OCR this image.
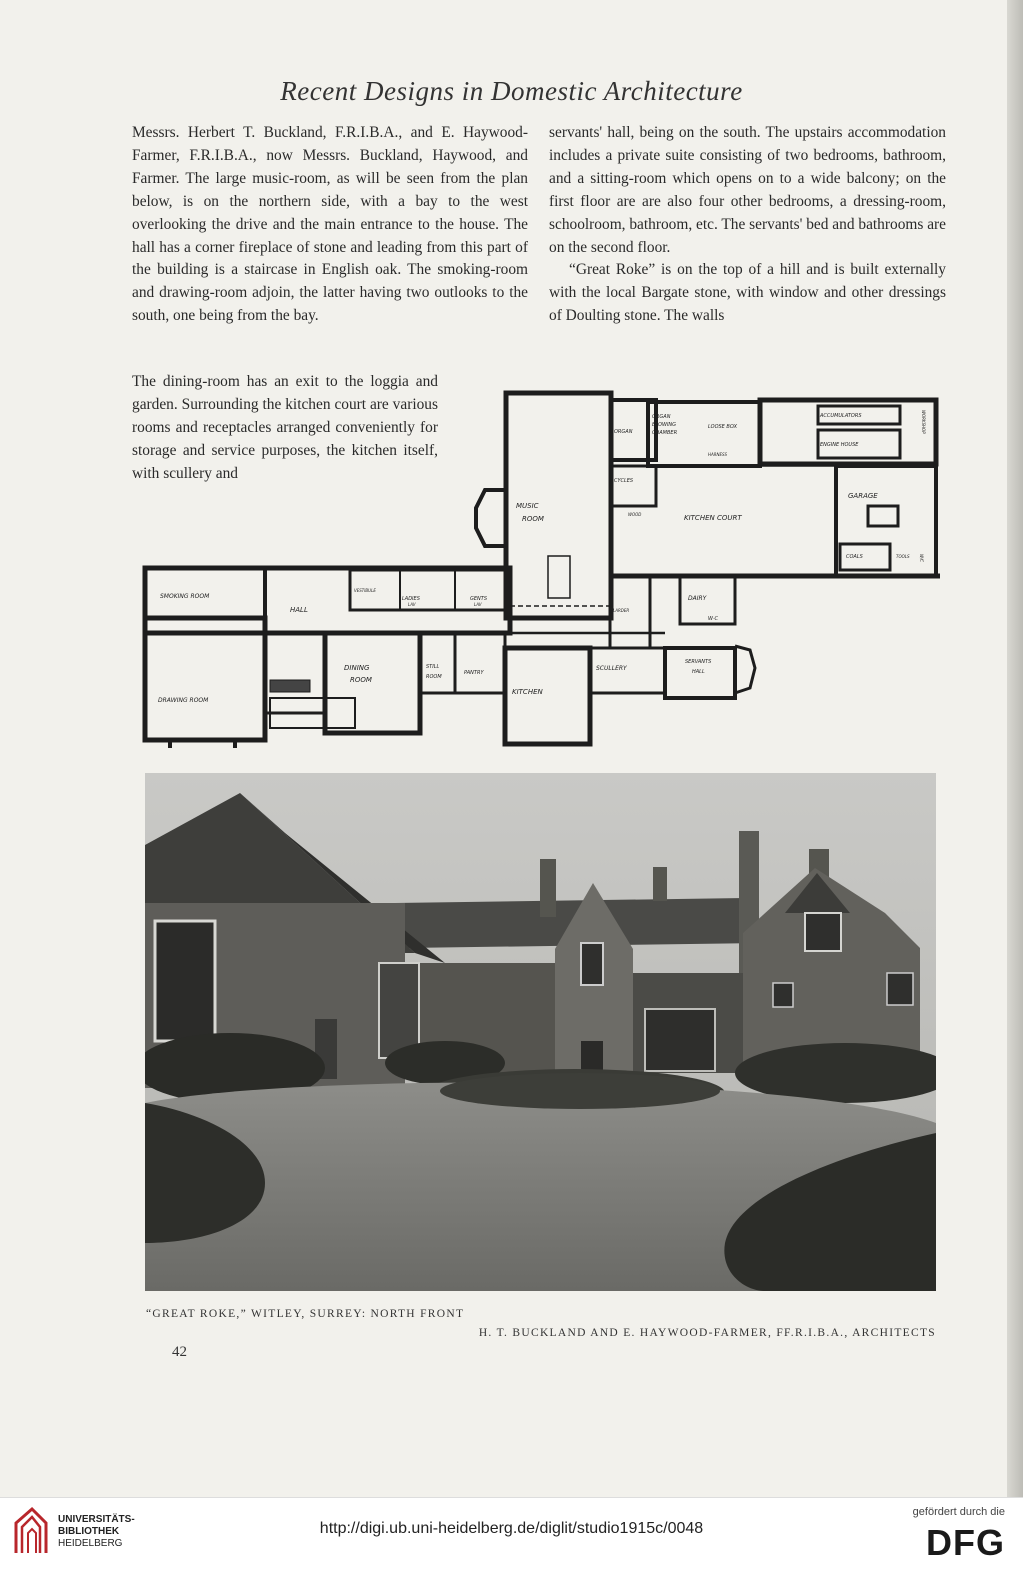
Recent Designs in Domestic Architecture

Messrs. Herbert T. Buckland, F.R.I.B.A., and E. Haywood-Farmer, F.R.I.B.A., now Messrs. Buckland, Haywood, and Farmer. The large music-room, as will be seen from the plan below, is on the northern side, with a bay to the west overlooking the drive and the main entrance to the house. The hall has a corner fireplace of stone and leading from this part of the building is a staircase in English oak. The smoking-room and drawing-room adjoin, the latter having two outlooks to the south, one being from the bay.

The dining-room has an exit to the loggia and garden. Surrounding the kitchen court are various rooms and receptacles arranged conveniently for storage and service purposes, the kitchen itself, with scullery and

servants' hall, being on the south. The upstairs accommodation includes a private suite consisting of two bedrooms, bathroom, and a sitting-room which opens on to a wide balcony; on the first floor are are also four other bedrooms, a dressing-room, schoolroom, bathroom, etc. The servants' bed and bathrooms are on the second floor.

“Great Roke” is on the top of a hill and is built externally with the local Bargate stone, with window and other dressings of Doulting stone. The walls

MUSIC
ROOM
ORGAN
ORGAN
BLOWING
CHAMBER
LOOSE BOX
HARNESS
ACCUMULATORS
ENGINE HOUSE
WORKSHOP
CYCLES
WOOD	KITCHEN COURT
GARAGE
COALS	TOOLS W/C
SMOKING ROOM
HALL
VESTIBULE
LADIES
LAV
GENTS
LAV
LARDER
DAIRY
W·C
DINING
ROOM
STILL
ROOM
PANTRY
SCULLERY
SERVANTS
HALL
KITCHEN
DRAWING ROOM
“GREAT ROKE,” WITLEY, SURREY: NORTH FRONT
H. T. BUCKLAND AND E. HAYWOOD-FARMER, FF.R.I.B.A., ARCHITECTS
42
UNIVERSITÄTS-
BIBLIOTHEK
HEIDELBERG
http://digi.ub.uni-heidelberg.de/diglit/studio1915c/0048
gefördert durch die
DFG
